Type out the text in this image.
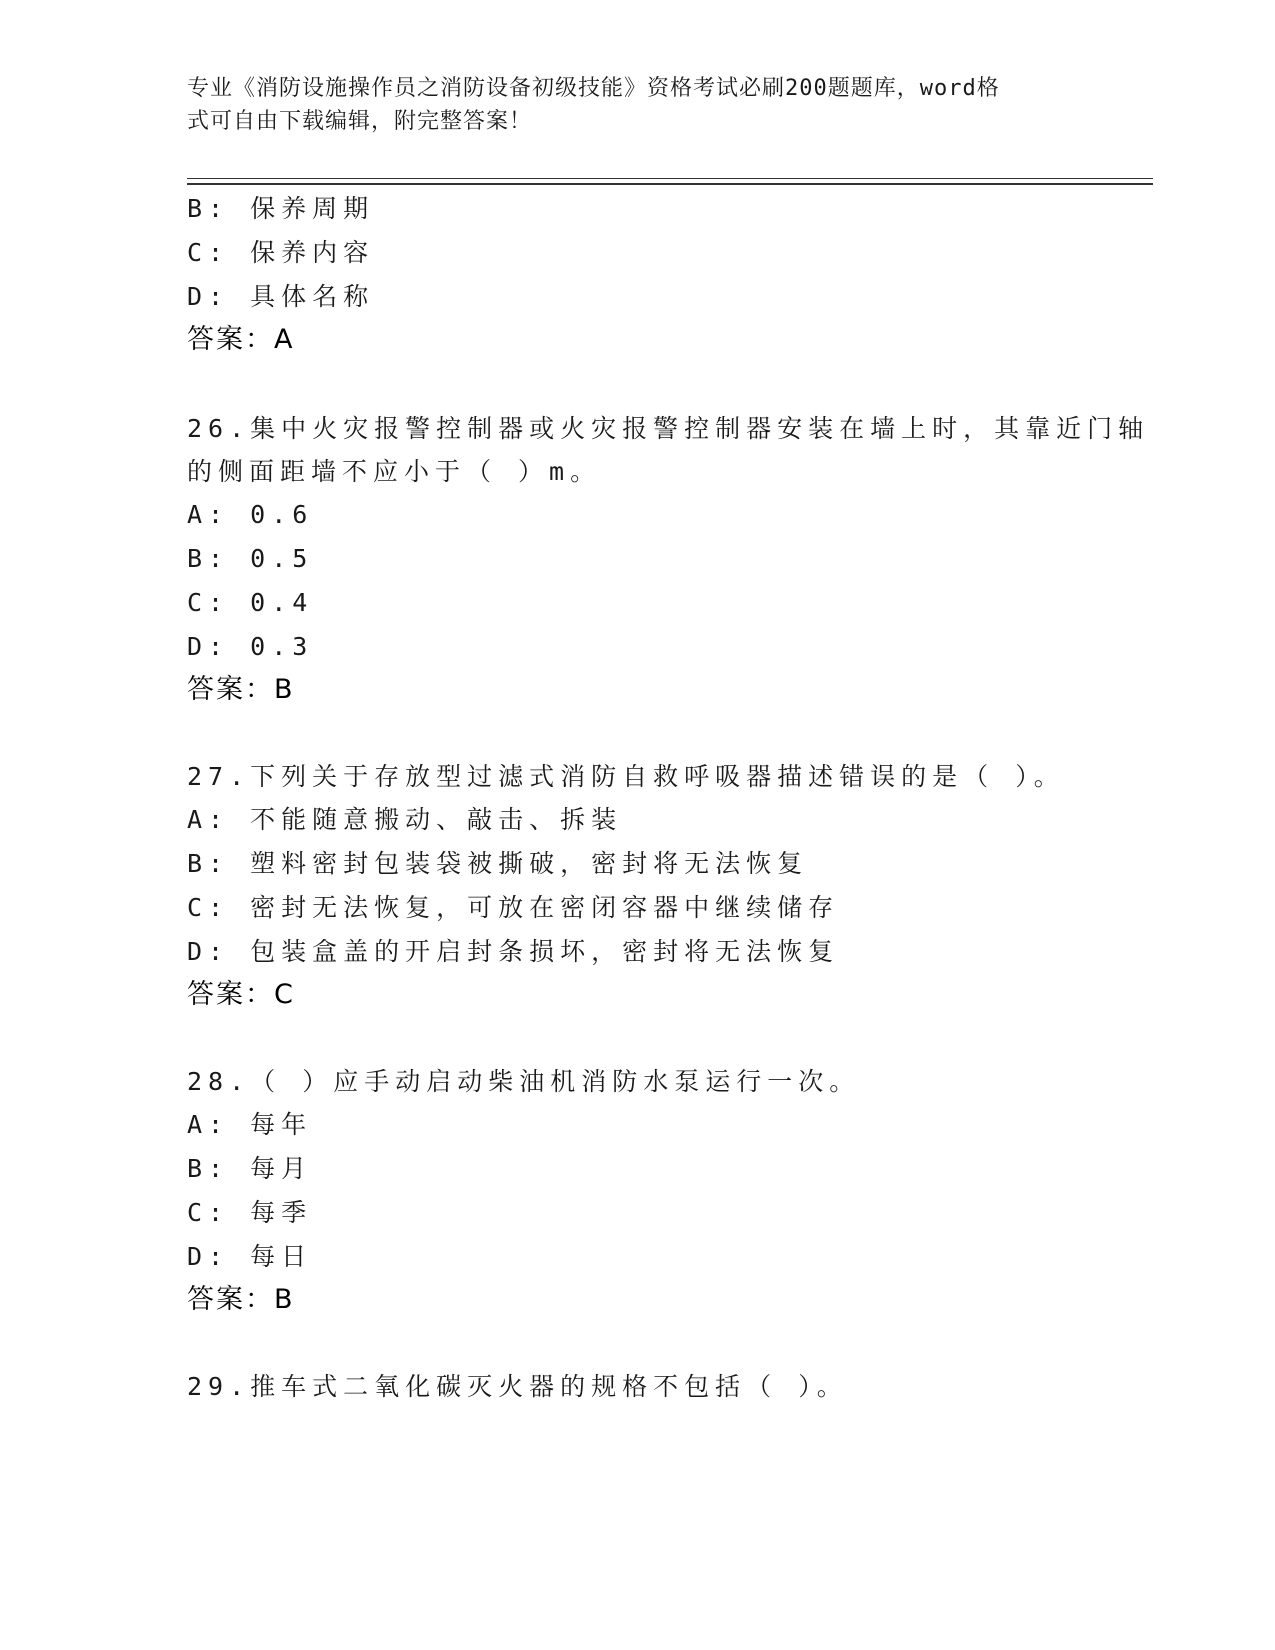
专业《消防设施操作员之消防设备初级技能》资格考试必刷200题题库，word格
式可自由下载编辑，附完整答案！
B: 保养周期
C: 保养内容
D: 具体名称
答案：A
26.集中火灾报警控制器或火灾报警控制器安装在墙上时，其靠近门轴
的侧面距墙不应小于（ ）m。
A: 0.6
B: 0.5
C: 0.4
D: 0.3
答案：B
27.下列关于存放型过滤式消防自救呼吸器描述错误的是（ ）。
A: 不能随意搬动、敲击、拆装
B: 塑料密封包装袋被撕破，密封将无法恢复
C: 密封无法恢复，可放在密闭容器中继续储存
D: 包装盒盖的开启封条损坏，密封将无法恢复
答案：C
28.（ ）应手动启动柴油机消防水泵运行一次。
A: 每年
B: 每月
C: 每季
D: 每日
答案：B
29.推车式二氧化碳灭火器的规格不包括（ ）。
